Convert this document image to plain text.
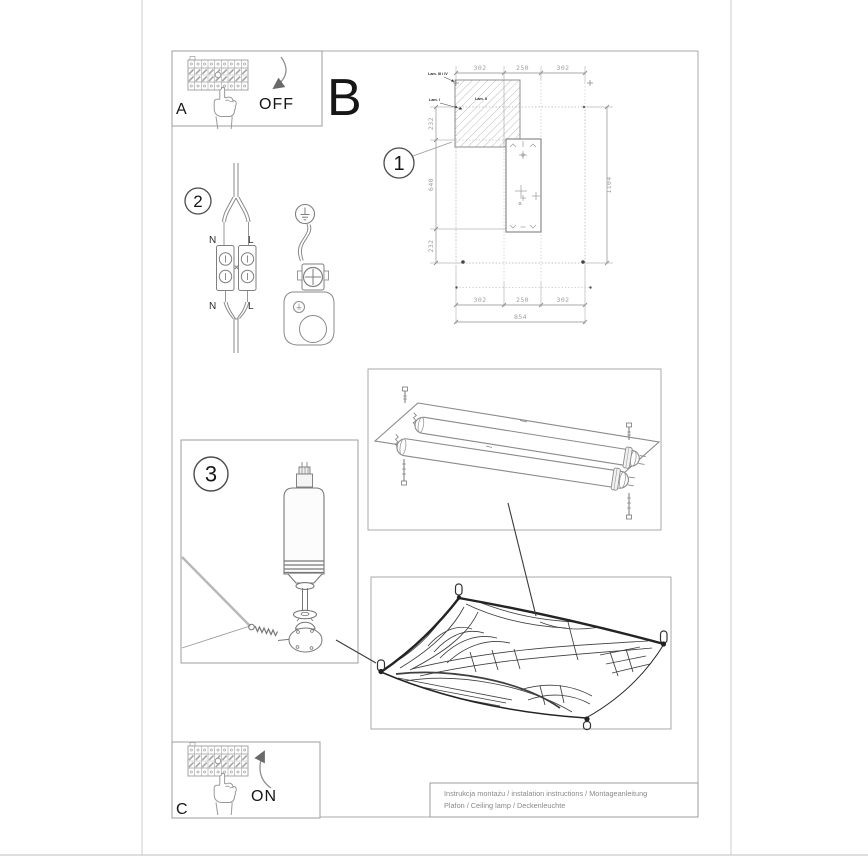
A	OFF B
302	250	302
232
640
232
1104
302	250	302
854
Lam. III i IV
Lam. I	Lam. II
1
2
N	L
N	L
3
C
ON	Instrukcja montażu / instalation instructions / Montageanleitung
Plafon / Ceiling lamp / Deckenleuchte
